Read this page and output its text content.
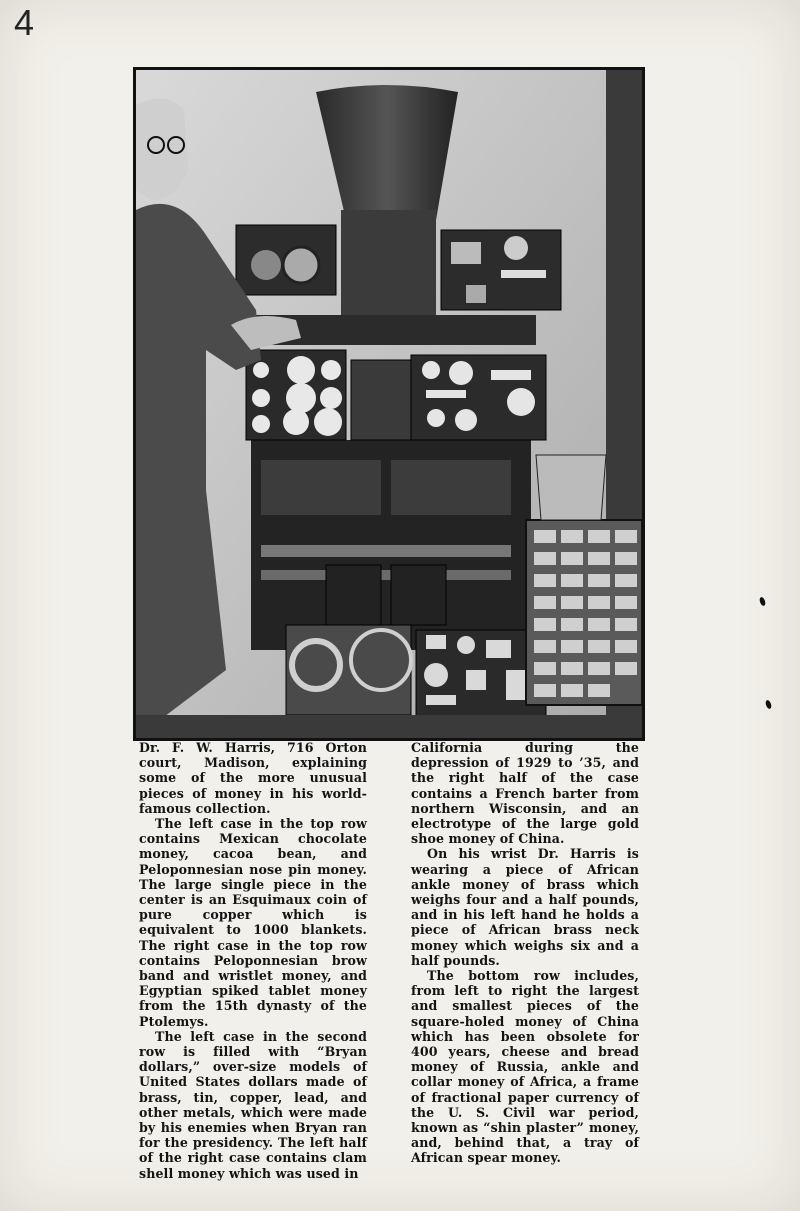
4

Dr. F. W. Harris, 716 Orton court, Madison, explaining some of the more unusual pieces of money in his world-famous collection.

The left case in the top row contains Mexican chocolate money, cacoa bean, and Peloponnesian nose pin money. The large single piece in the center is an Esquimaux coin of pure copper which is equivalent to 1000 blankets. The right case in the top row contains Peloponnesian brow band and wristlet money, and Egyptian spiked tablet money from the 15th dynasty of the Ptolemys.

The left case in the second row is filled with “Bryan dollars,” over-size models of United States dollars made of brass, tin, copper, lead, and other metals, which were made by his enemies when Bryan ran for the presidency. The left half of the right case contains clam shell money which was used in

California during the depression of 1929 to ’35, and the right half of the case contains a French barter from northern Wisconsin, and an electrotype of the large gold shoe money of China.

On his wrist Dr. Harris is wearing a piece of African ankle money of brass which weighs four and a half pounds, and in his left hand he holds a piece of African brass neck money which weighs six and a half pounds.

The bottom row includes, from left to right the largest and smallest pieces of the square-holed money of China which has been obsolete for 400 years, cheese and bread money of Russia, ankle and collar money of Africa, a frame of fractional paper currency of the U. S. Civil war period, known as “shin plaster” money, and, behind that, a tray of African spear money.
